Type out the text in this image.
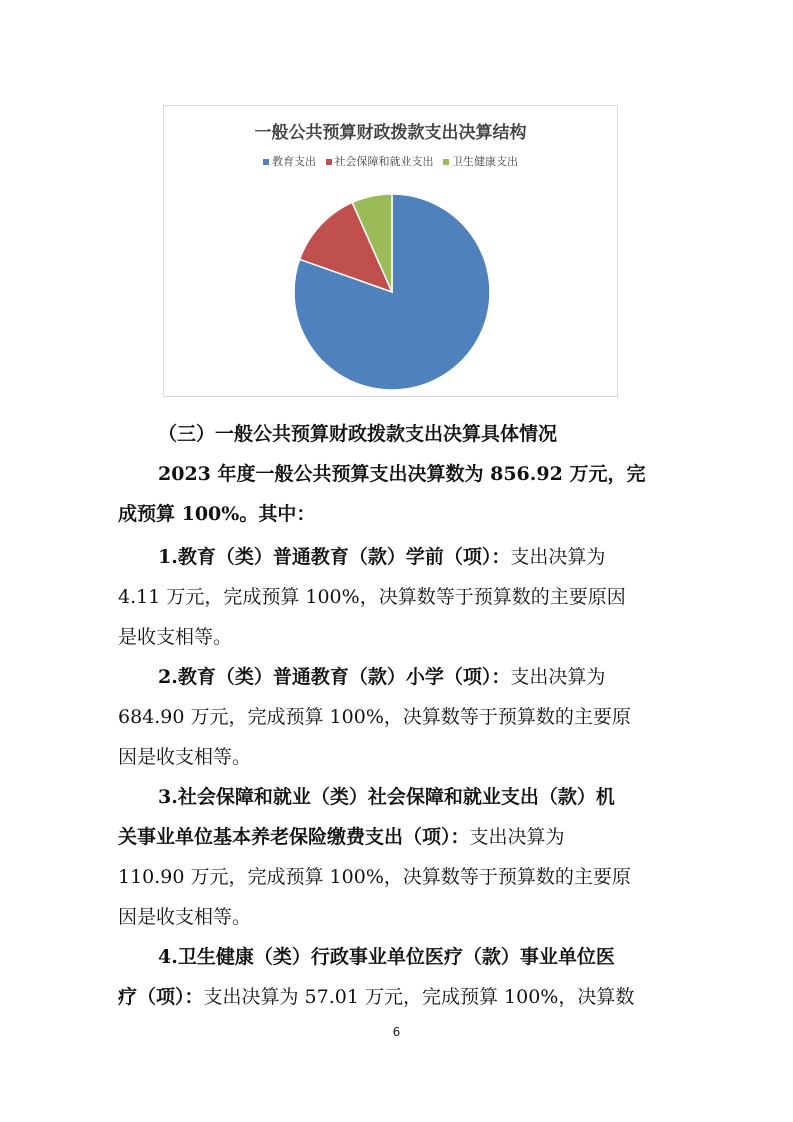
一般公共预算财政拨款支出决算结构
教育支出 社会保障和就业支出 卫生健康支出
（三）一般公共预算财政拨款支出决算具体情况
2023 年度一般公共预算支出决算数为 856.92 万元，完
成预算 100%。其中：
1.教育（类）普通教育（款）学前（项）：支出决算为
4.11 万元，完成预算 100%，决算数等于预算数的主要原因
是收支相等。
2.教育（类）普通教育（款）小学（项）：支出决算为
684.90 万元，完成预算 100%，决算数等于预算数的主要原
因是收支相等。
3.社会保障和就业（类）社会保障和就业支出（款）机
关事业单位基本养老保险缴费支出（项）：支出决算为
110.90 万元，完成预算 100%，决算数等于预算数的主要原
因是收支相等。
4.卫生健康（类）行政事业单位医疗（款）事业单位医
疗（项）：支出决算为 57.01 万元，完成预算 100%，决算数
6
